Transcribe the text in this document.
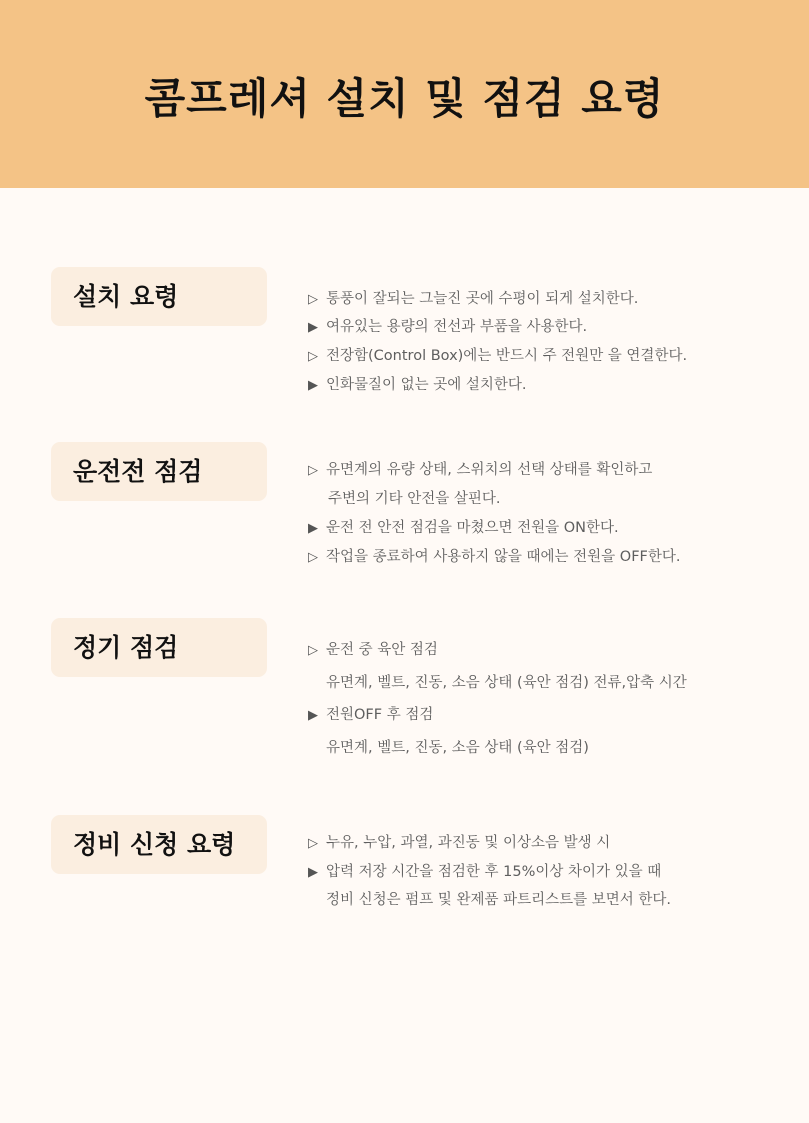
콤프레셔 설치 및 점검 요령
설치 요령	▷ 통풍이 잘되는 그늘진 곳에 수평이 되게 설치한다.
▶ 여유있는 용량의 전선과 부품을 사용한다.
▷ 전장함(Control Box)에는 반드시 주 전원만 을 연결한다.
▶ 인화물질이 없는 곳에 설치한다.
운전전 점검	▷ 유면계의 유량 상태, 스위치의 선택 상태를 확인하고
주변의 기타 안전을 살핀다.
▶ 운전 전 안전 점검을 마쳤으면 전원을 ON한다.
▷ 작업을 종료하여 사용하지 않을 때에는 전원을 OFF한다.
정기 점검	▷ 운전 중 육안 점검
유면계, 벨트, 진동, 소음 상태 (육안 점검) 전류,압축 시간
▶ 전원OFF 후 점검
유면계, 벨트, 진동, 소음 상태 (육안 점검)
정비 신청 요령	▷ 누유, 누압, 과열, 과진동 및 이상소음 발생 시
▶ 압력 저장 시간을 점검한 후 15%이상 차이가 있을 때
정비 신청은 펌프 및 완제품 파트리스트를 보면서 한다.
